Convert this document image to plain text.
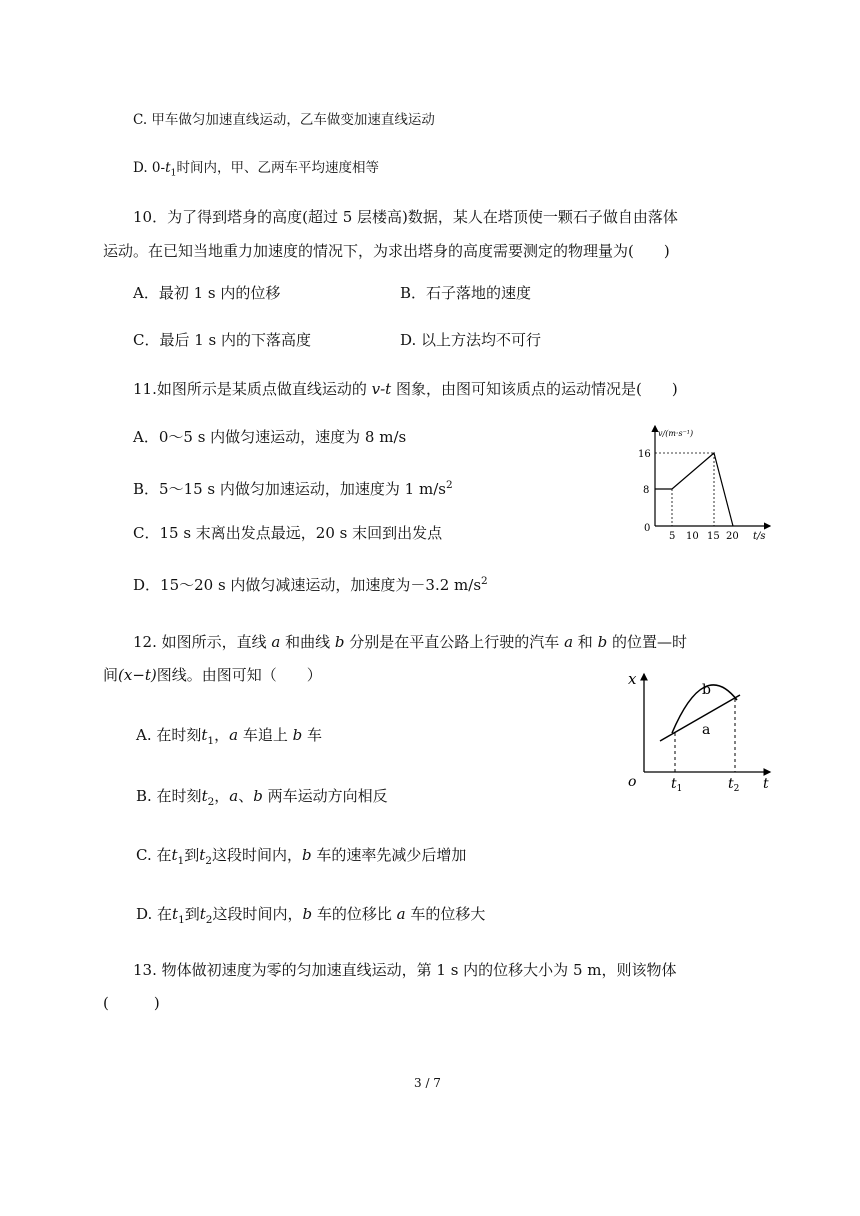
C. 甲车做匀加速直线运动，乙车做变加速直线运动
D. $0-t_1$时间内，甲、乙两车平均速度相等
10．为了得到塔身的高度(超过 5 层楼高)数据，某人在塔顶使一颗石子做自由落体
运动。在已知当地重力加速度的情况下，为求出塔身的高度需要测定的物理量为(　　)
A．最初 1 s 内的位移	B．石子落地的速度
C．最后 1 s 内的下落高度	D. 以上方法均不可行
11.如图所示是某质点做直线运动的 v-t 图象，由图可知该质点的运动情况是(　　)
A．0～5 s 内做匀速运动，速度为 8 m/s
B．5～15 s 内做匀加速运动，加速度为 1 $m/s^2$
C．15 s 末离出发点最远，20 s 末回到出发点
D．15～20 s 内做匀减速运动，加速度为－3.2 $m/s^2$
v/(m·s⁻¹)
16
8
0
5 10 15 20 t/s
12. 如图所示，直线 a 和曲线 b 分别是在平直公路上行驶的汽车 a 和 b 的位置—时
间(x−t)图线。由图可知（　　）
A. 在时刻$t_1$，a 车追上 b 车
B. 在时刻$t_2$，a、b 两车运动方向相反
C. 在$t_1$到$t_2$这段时间内，b 车的速率先减少后增加
D. 在$t_1$到$t_2$这段时间内，b 车的位移比 a 车的位移大
x
o
b
a
$t_1$	$t_2$ t
13. 物体做初速度为零的匀加速直线运动，第 1 s 内的位移大小为 5 m，则该物体
(　　　)
3 / 7
